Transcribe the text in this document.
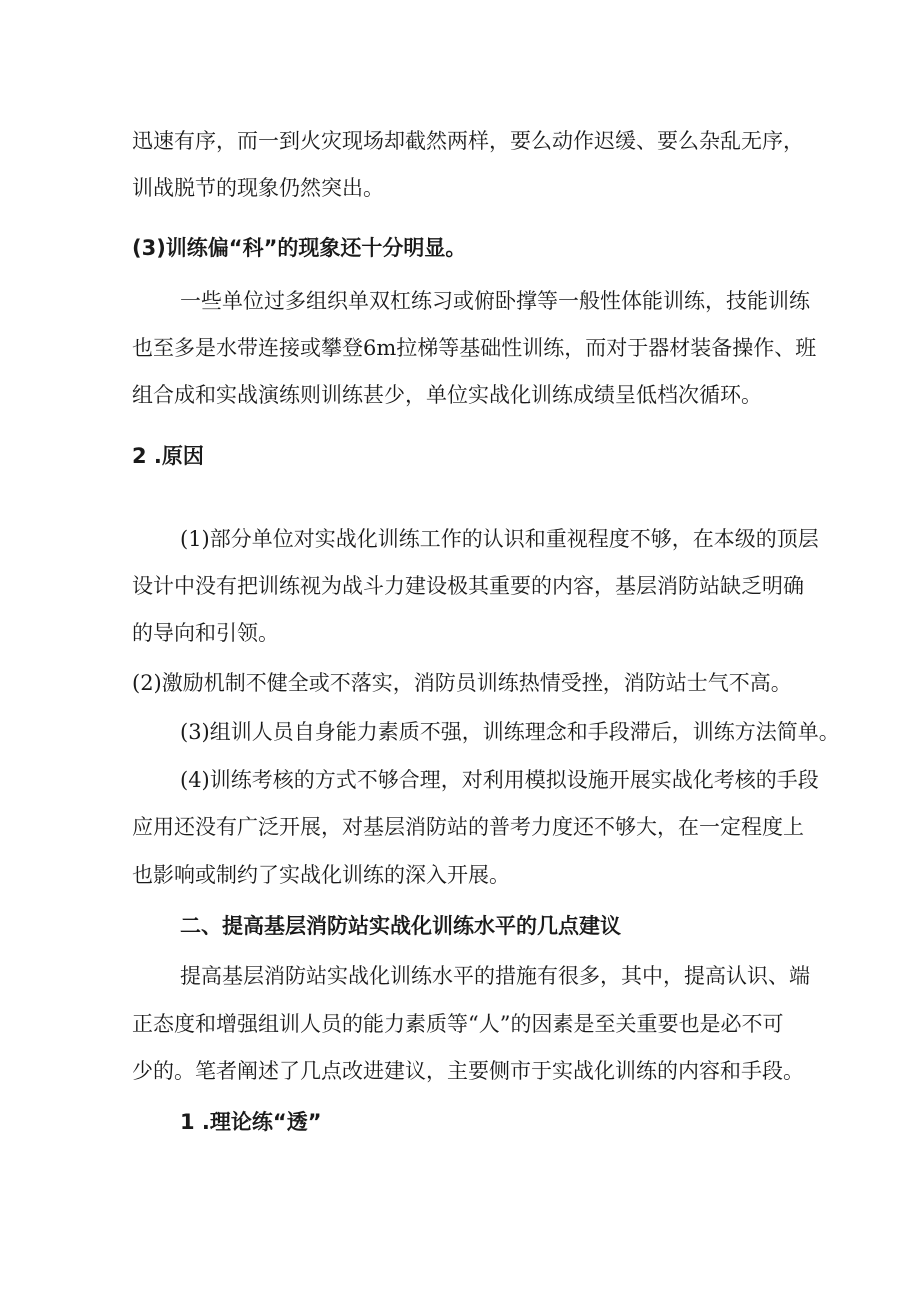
迅速有序，而一到火灾现场却截然两样，要么动作迟缓、要么杂乱无序，

训战脱节的现象仍然突出。

(3)训练偏“科”的现象还十分明显。

一些单位过多组织单双杠练习或俯卧撑等一般性体能训练，技能训练

也至多是水带连接或攀登6m拉梯等基础性训练，而对于器材装备操作、班

组合成和实战演练则训练甚少，单位实战化训练成绩呈低档次循环。

2 .原因

(1)部分单位对实战化训练工作的认识和重视程度不够，在本级的顶层

设计中没有把训练视为战斗力建设极其重要的内容，基层消防站缺乏明确

的导向和引领。

(2)激励机制不健全或不落实，消防员训练热情受挫，消防站士气不高。

(3)组训人员自身能力素质不强，训练理念和手段滞后，训练方法简单。

(4)训练考核的方式不够合理，对利用模拟设施开展实战化考核的手段

应用还没有广泛开展，对基层消防站的普考力度还不够大，在一定程度上

也影响或制约了实战化训练的深入开展。

二、提高基层消防站实战化训练水平的几点建议

提高基层消防站实战化训练水平的措施有很多，其中，提高认识、端

正态度和增强组训人员的能力素质等“人”的因素是至关重要也是必不可

少的。笔者阐述了几点改进建议，主要侧市于实战化训练的内容和手段。

1 .理论练“透”
